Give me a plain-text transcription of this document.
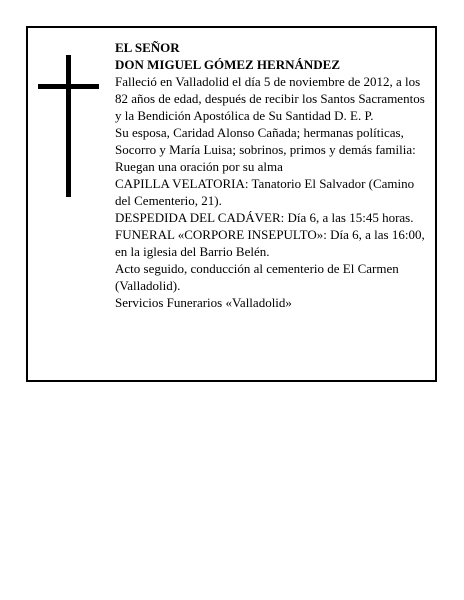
EL SEÑOR

DON MIGUEL GÓMEZ HERNÁNDEZ

Falleció en Valladolid el día 5 de noviembre de 2012, a los 82 años de edad, después de recibir los Santos Sacramentos y la Bendición Apostólica de Su Santidad D. E. P.

Su esposa, Caridad Alonso Cañada; hermanas políticas, Socorro y María Luisa; sobrinos, primos y demás familia:

Ruegan una oración por su alma

CAPILLA VELATORIA: Tanatorio El Salvador (Camino del Cementerio, 21).

DESPEDIDA DEL CADÁVER: Día 6, a las 15:45 horas.

FUNERAL «CORPORE INSEPULTO»: Día 6, a las 16:00, en la iglesia del Barrio Belén.

Acto seguido, conducción al cementerio de El Carmen (Valladolid).

Servicios Funerarios «Valladolid»
